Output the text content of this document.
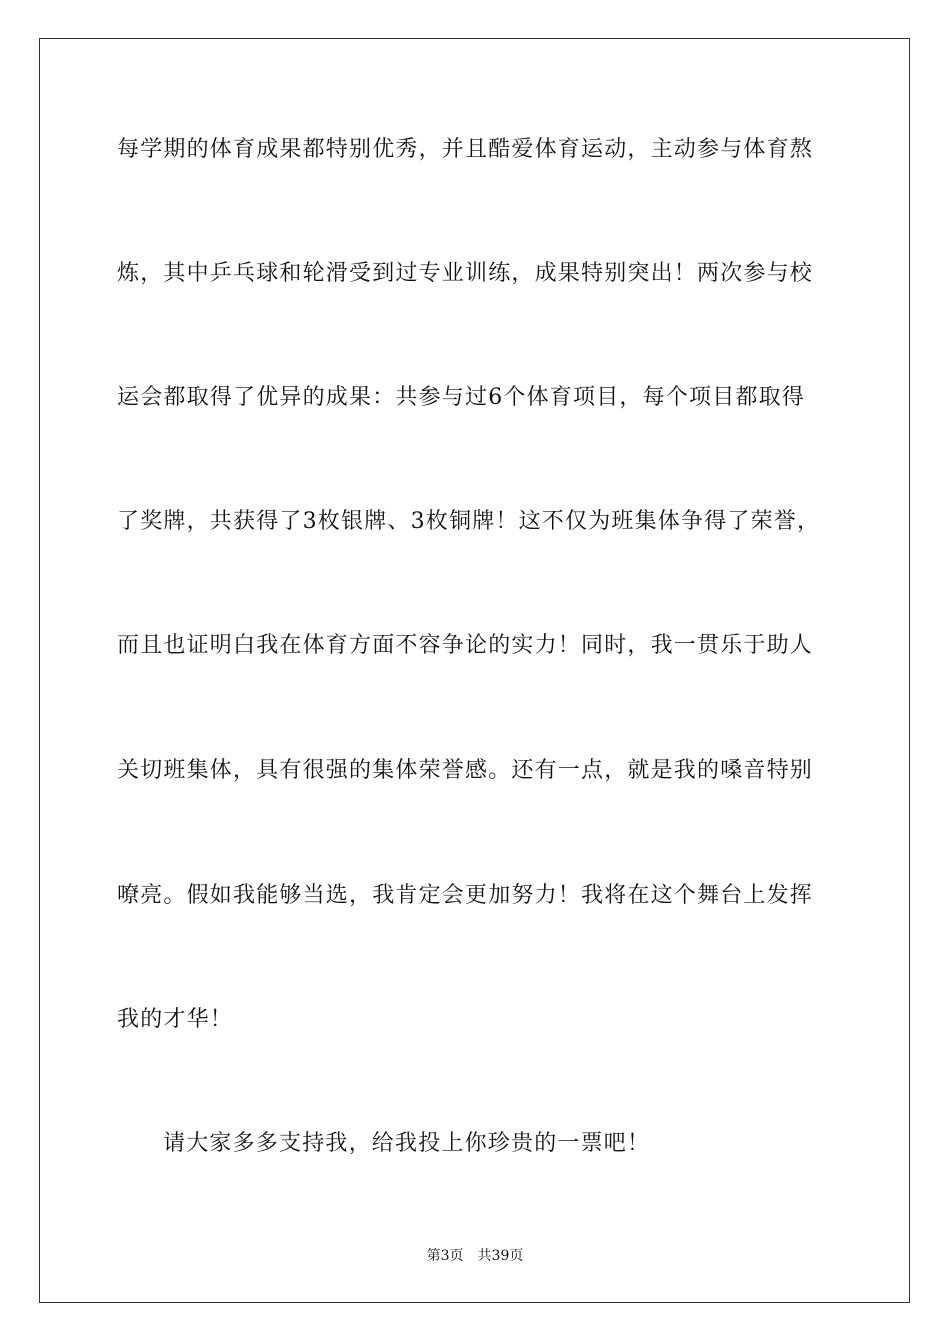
每学期的体育成果都特别优秀，并且酷爱体育运动，主动参与体育熬

炼，其中乒乓球和轮滑受到过专业训练，成果特别突出！两次参与校

运会都取得了优异的成果：共参与过6个体育项目，每个项目都取得

了奖牌，共获得了3枚银牌、3枚铜牌！这不仅为班集体争得了荣誉，

而且也证明白我在体育方面不容争论的实力！同时，我一贯乐于助人

关切班集体，具有很强的集体荣誉感。还有一点，就是我的嗓音特别

嘹亮。假如我能够当选，我肯定会更加努力！我将在这个舞台上发挥

我的才华！

请大家多多支持我，给我投上你珍贵的一票吧！

第3页 共39页
